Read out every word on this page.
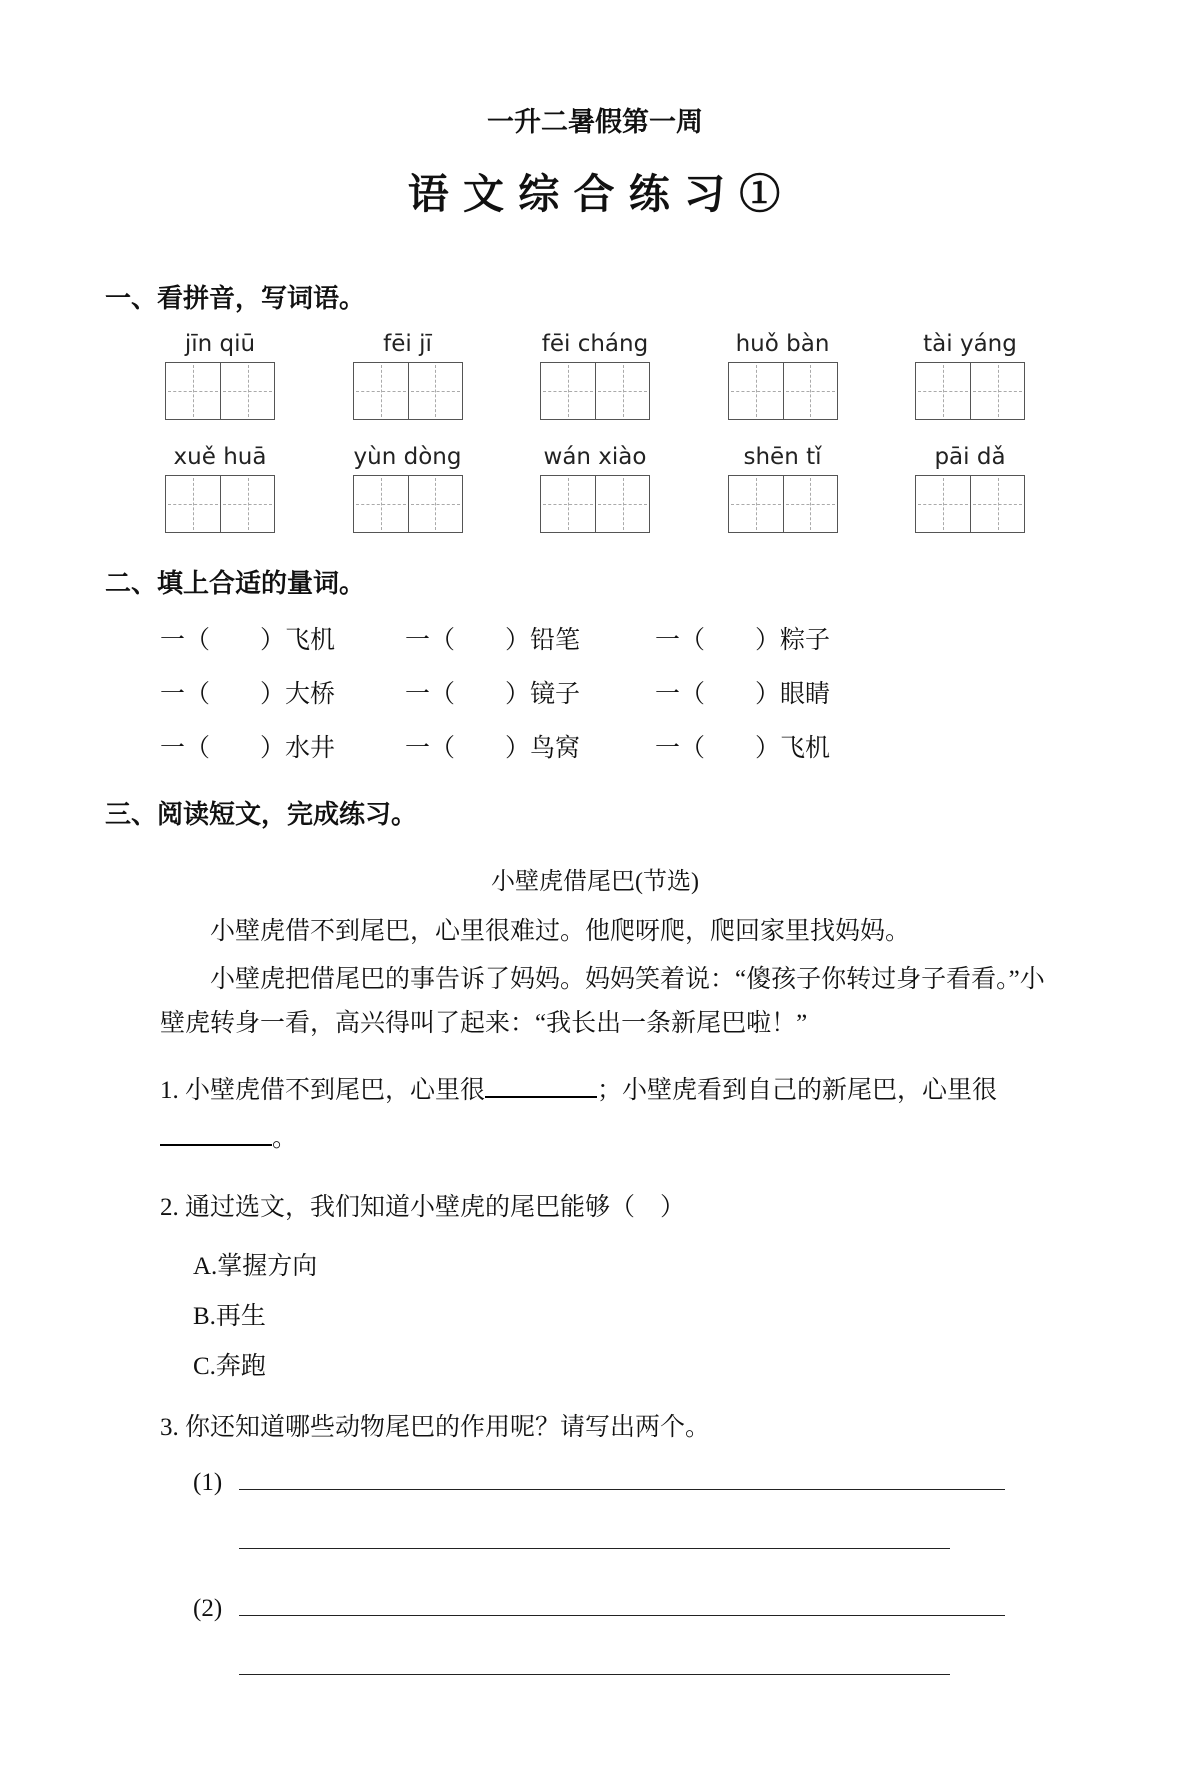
一升二暑假第一周
语 文 综 合 练 习 ①
一、看拼音，写词语。
jīn qiū	fēi jī	fēi cháng	huǒ bàn	tài yáng
xuě huā	yùn dòng	wán xiào	shēn tǐ	pāi dǎ
二、填上合适的量词。
一（　　）飞机	一（　　）铅笔	一（　　）粽子
一（　　）大桥	一（　　）镜子	一（　　）眼睛
一（　　）水井	一（　　）鸟窝	一（　　）飞机
三、阅读短文，完成练习。
小壁虎借尾巴(节选)

小壁虎借不到尾巴，心里很难过。他爬呀爬，爬回家里找妈妈。

小壁虎把借尾巴的事告诉了妈妈。妈妈笑着说：“傻孩子你转过身子看看。”小壁虎转身一看，高兴得叫了起来：“我长出一条新尾巴啦！”

1. 小壁虎借不到尾巴，心里很	；小壁虎看到自己的新尾巴，心里很。

2. 通过选文，我们知道小壁虎的尾巴能够（　）

A.掌握方向
B.再生
C.奔跑

3. 你还知道哪些动物尾巴的作用呢？请写出两个。

(1)
(2)
